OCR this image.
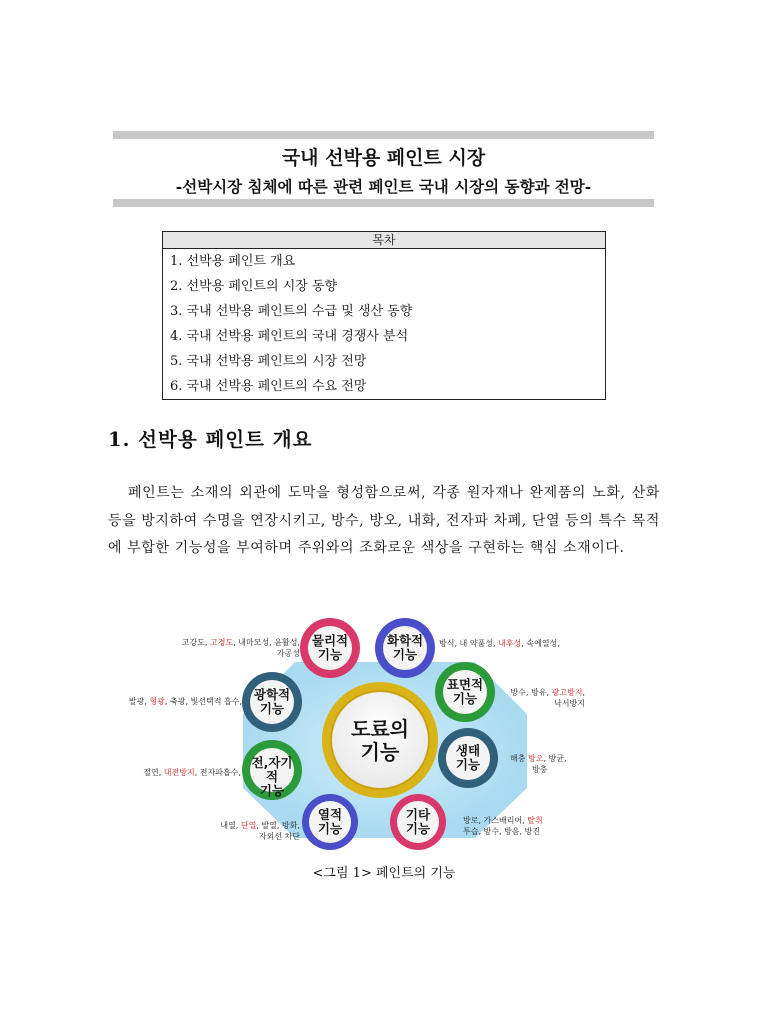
국내 선박용 페인트 시장
-선박시장 침체에 따른 관련 페인트 국내 시장의 동향과 전망-
목차
1. 선박용 페인트 개요
2. 선박용 페인트의 시장 동향
3. 국내 선박용 페인트의 수급 및 생산 동향
4. 국내 선박용 페인트의 국내 경쟁사 분석
5. 국내 선박용 페인트의 시장 전망
6. 국내 선박용 페인트의 수요 전망
1. 선박용 페인트 개요
페인트는 소재의 외관에 도막을 형성함으로써, 각종 원자재나 완제품의 노화, 산화 등을 방지하여 수명을 연장시키고, 방수, 방오, 내화, 전자파 차폐, 단열 등의 특수 목적에 부합한 기능성을 부여하며 주위와의 조화로운 색상을 구현하는 핵심 소재이다.
도료의
기능
물리적
기능
화학적
기능
표면적
기능
생태
기능
기타
기능
열적
기능
전,자기적
기능
광학적
기능
고강도, 고경도, 내마모성, 윤활성,
가공성
방식, 내 약품성, 내후성, 속에열성,
방수, 방유, 광고방지,
낙서방지
해충 방오, 방균,
방충
방로, 가스배리어, 탈취
투습, 방수, 방음, 방진
내열, 단열, 발열, 방화,
자외선 차단
절연, 대전방지, 전자파흡수,
발광, 형광, 축광, 빛선택적 흡수,
<그림 1> 페인트의 기능
